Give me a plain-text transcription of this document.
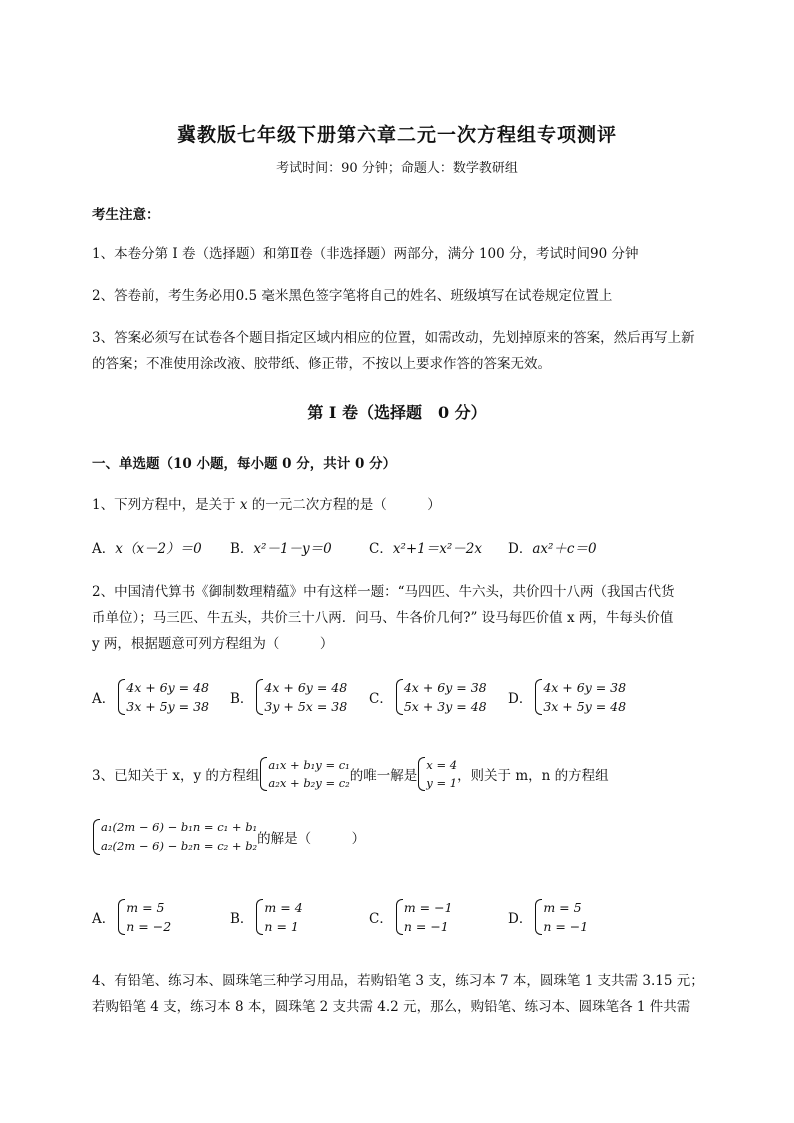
冀教版七年级下册第六章二元一次方程组专项测评
考试时间：90 分钟；命题人：数学教研组
考生注意：
1、本卷分第 I 卷（选择题）和第Ⅱ卷（非选择题）两部分，满分 100 分，考试时间90 分钟
2、答卷前，考生务必用0.5 毫米黑色签字笔将自己的姓名、班级填写在试卷规定位置上
3、答案必须写在试卷各个题目指定区域内相应的位置，如需改动，先划掉原来的答案，然后再写上新
的答案；不准使用涂改液、胶带纸、修正带，不按以上要求作答的答案无效。
第 I 卷（选择题　0 分）
一、单选题（10 小题，每小题 0 分，共计 0 分）
1、下列方程中，是关于 x 的一元二次方程的是（　　　）
A．x（x－2）＝0 B．x²－1－y＝0	C．x²+1＝x²－2x D．ax²＋c＝0
2、中国清代算书《御制数理精蕴》中有这样一题：“马四匹、牛六头，共价四十八两（我国古代货
币单位）；马三匹、牛五头，共价三十八两．问马、牛各价几何?” 设马每匹价值 x 两，牛每头价值
y 两，根据题意可列方程组为（　　　）
A．
4x + 6y = 48
3x + 5y = 38 B．
4x + 6y = 48
3y + 5x = 38 C．
4x + 6y = 38
5x + 3y = 48 D．
4x + 6y = 38
3x + 5y = 48
3、已知关于 x，y 的方程组
a₁x + b₁y = c₁
a₂x + b₂y = c₂ 的唯一解是
x = 4
y = 1 ，则关于 m，n 的方程组
a₁(2m − 6) − b₁n = c₁ + b₁
a₂(2m − 6) − b₂n = c₂ + b₂ 的解是（　　　）
A．
m = 5
n = −2	B．
m = 4
n = 1	C．
m = −1
n = −1	D．
m = 5
n = −1
4、有铅笔、练习本、圆珠笔三种学习用品，若购铅笔 3 支，练习本 7 本，圆珠笔 1 支共需 3.15 元；
若购铅笔 4 支，练习本 8 本，圆珠笔 2 支共需 4.2 元，那么，购铅笔、练习本、圆珠笔各 1 件共需
